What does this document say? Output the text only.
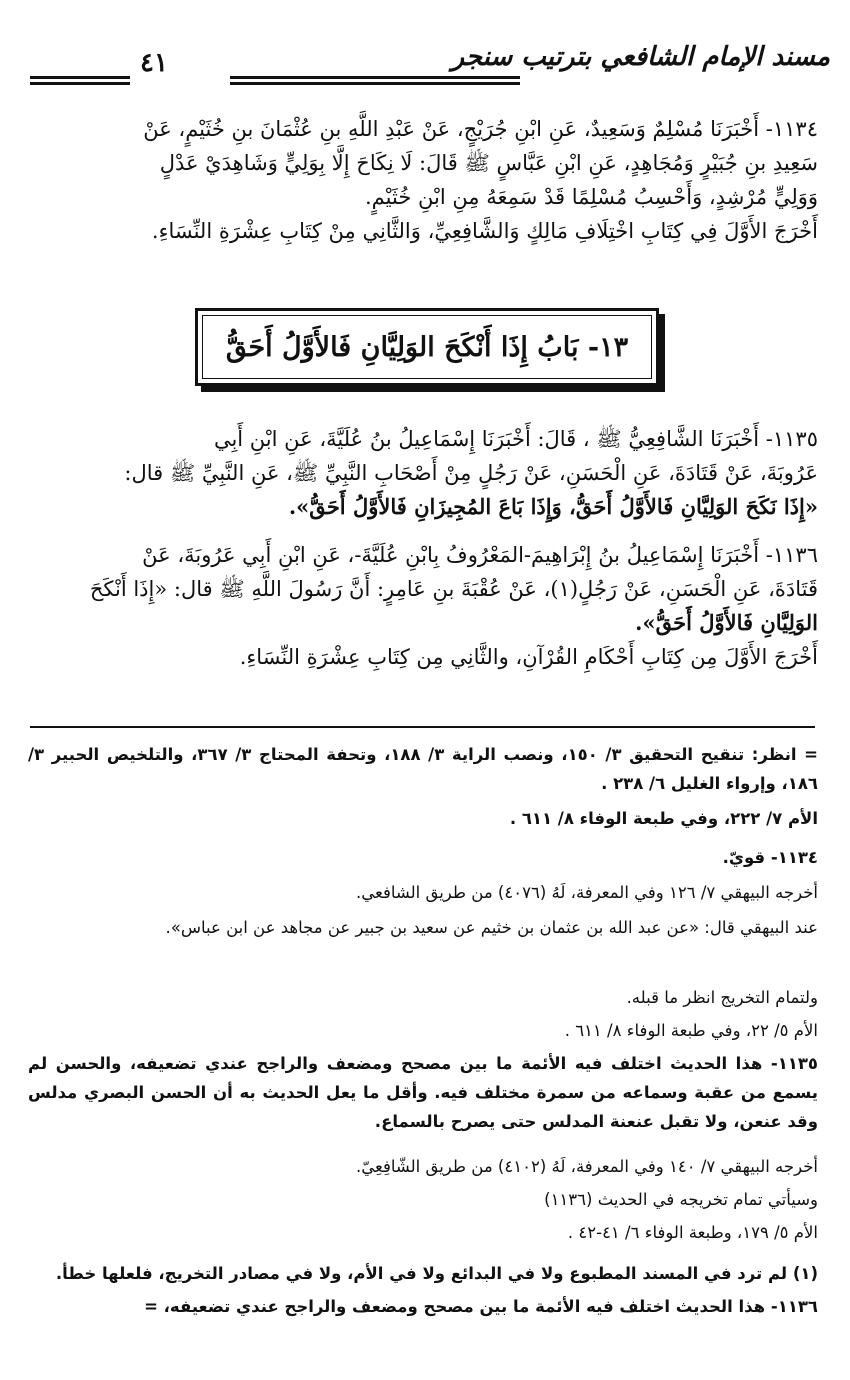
مسند الإمام الشافعي بترتيب سنجر
٤١

١١٣٤- أَخْبَرَنَا مُسْلِمٌ وَسَعِيدٌ، عَنِ ابْنِ جُرَيْجٍ، عَنْ عَبْدِ اللَّهِ بنِ عُثْمَانَ بنِ خُثَيْمٍ، عَنْ

سَعِيدِ بنِ جُبَيْرٍ وَمُجَاهِدٍ، عَنِ ابْنِ عَبَّاسٍ ﷺ قَالَ: لَا نِكَاحَ إِلَّا بِوَلِيٍّ وَشَاهِدَيْ عَدْلٍ

وَوَلِيٍّ مُرْشِدٍ، وَأَحْسِبُ مُسْلِمًا قَدْ سَمِعَهُ مِنِ ابْنِ خُثَيْمٍ.

أَخْرَجَ الأَوَّلَ فِي كِتَابِ اخْتِلَافِ مَالِكٍ وَالشَّافِعِيِّ، وَالثَّانِي مِنْ كِتَابِ عِشْرَةِ النِّسَاءِ.

١٣- بَابُ إِذَا أَنْكَحَ الوَلِيَّانِ فَالأَوَّلُ أَحَقُّ

١١٣٥- أَخْبَرَنَا الشَّافِعِيُّ ﷺ ، قَالَ: أَخْبَرَنَا إِسْمَاعِيلُ بنُ عُلَيَّةَ، عَنِ ابْنِ أَبِي

عَرُوبَةَ، عَنْ قَتَادَةَ، عَنِ الْحَسَنِ، عَنْ رَجُلٍ مِنْ أَصْحَابِ النَّبِيِّ ﷺ، عَنِ النَّبِيِّ ﷺ قال:

«إِذَا نَكَحَ الوَلِيَّانِ فَالأَوَّلُ أَحَقُّ، وَإِذَا بَاعَ المُجِيزَانِ فَالأَوَّلُ أَحَقُّ».

١١٣٦- أَخْبَرَنَا إِسْمَاعِيلُ بنُ إِبْرَاهِيمَ-المَعْرُوفُ بِابْنِ عُلَيَّةَ-، عَنِ ابْنِ أَبِي عَرُوبَةَ، عَنْ

قَتَادَةَ، عَنِ الْحَسَنِ، عَنْ رَجُلٍ(١)، عَنْ عُقْبَةَ بنِ عَامِرٍ: أَنَّ رَسُولَ اللَّهِ ﷺ قال: «إِذَا أَنْكَحَ

الوَلِيَّانِ فَالأَوَّلُ أَحَقُّ».

أَخْرَجَ الأَوَّلَ مِن كِتَابِ أَحْكَامِ القُرْآنِ، والثَّانِي مِن كِتَابِ عِشْرَةِ النِّسَاءِ.

= انظر: تنقيح التحقيق ٣/ ١٥٠، ونصب الراية ٣/ ١٨٨، وتحفة المحتاج ٣/ ٣٦٧، والتلخيص الحبير ٣/ ١٨٦، وإرواء الغليل ٦/ ٢٣٨ .

الأم ٧/ ٢٢٢، وفي طبعة الوفاء ٨/ ٦١١ .

١١٣٤- قويّ.

أخرجه البيهقي ٧/ ١٢٦ وفي المعرفة، لَهُ (٤٠٧٦) من طريق الشافعي.

عند البيهقي قال: «عن عبد الله بن عثمان بن خثيم عن سعيد بن جبير عن مجاهد عن ابن عباس».

ولتمام التخريج انظر ما قبله.

الأم ٥/ ٢٢، وفي طبعة الوفاء ٨/ ٦١١ .

١١٣٥- هذا الحديث اختلف فيه الأئمة ما بين مصحح ومضعف والراجح عندي تضعيفه، والحسن لم يسمع من عقبة وسماعه من سمرة مختلف فيه. وأقل ما يعل الحديث به أن الحسن البصري مدلس وقد عنعن، ولا تقبل عنعنة المدلس حتى يصرح بالسماع.

أخرجه البيهقي ٧/ ١٤٠ وفي المعرفة، لَهُ (٤١٠٢) من طريق الشّافِعِيّ.

وسيأتي تمام تخريجه في الحديث (١١٣٦)

الأم ٥/ ١٧٩، وطبعة الوفاء ٦/ ٤١-٤٢ .

(١) لم ترد في المسند المطبوع ولا في البدائع ولا في الأم، ولا في مصادر التخريج، فلعلها خطأ.

١١٣٦- هذا الحديث اختلف فيه الأئمة ما بين مصحح ومضعف والراجح عندي تضعيفه، =
